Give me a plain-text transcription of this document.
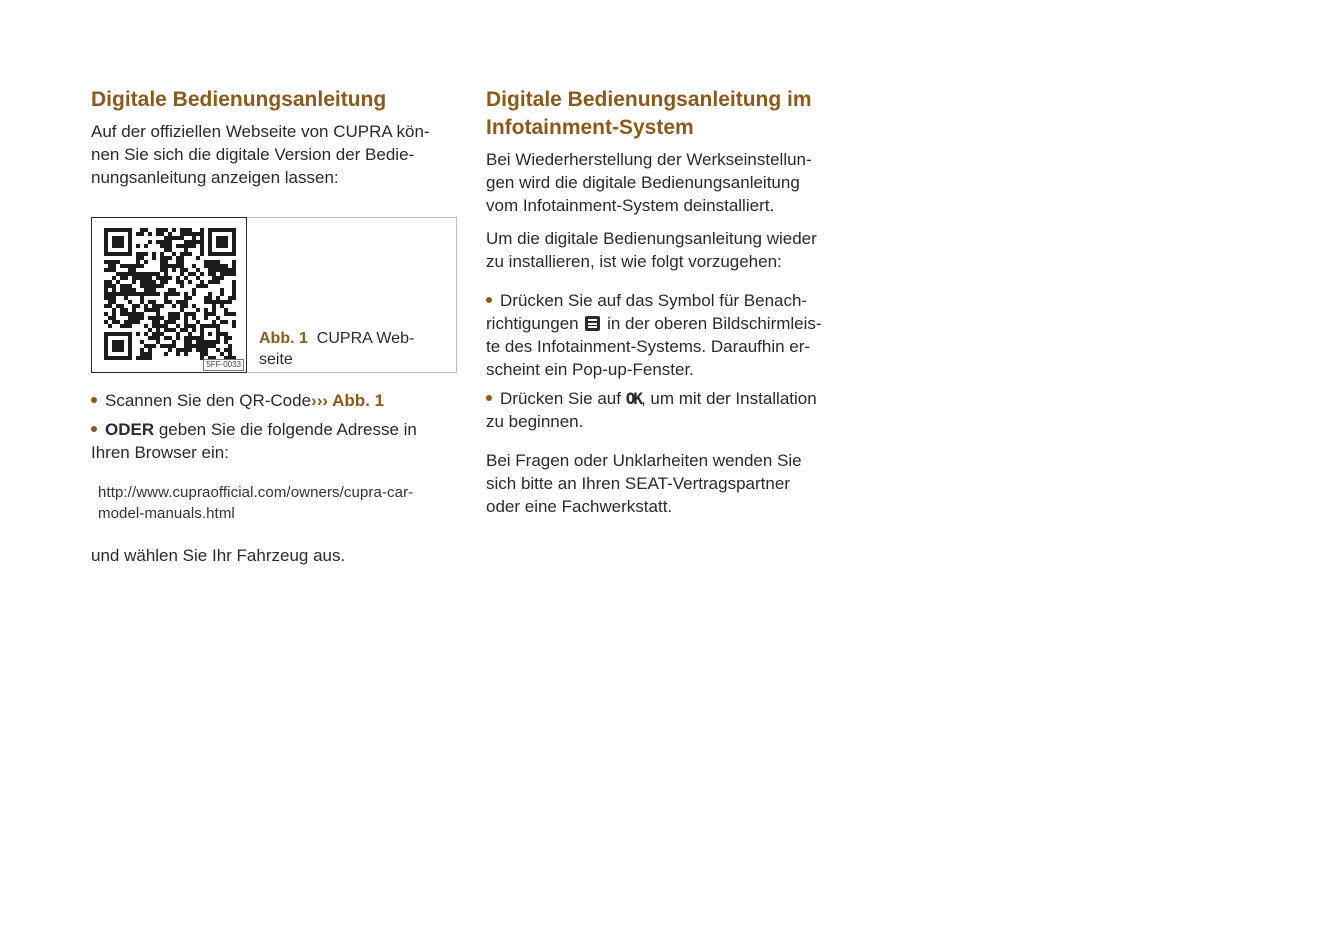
Digitale Bedienungsanleitung

Auf der offiziellen Webseite von CUPRA kön-
nen Sie sich die digitale Version der Bedie-
nungsanleitung anzeigen lassen:

5FF-0033
Abb. 1 CUPRA Web-
seite
Scannen Sie den QR-Code››› Abb. 1
ODER geben Sie die folgende Adresse in
Ihren Browser ein:
http://www.cupraofficial.com/owners/cupra-car-
model-manuals.html

und wählen Sie Ihr Fahrzeug aus.

Digitale Bedienungsanleitung im
Infotainment-System

Bei Wiederherstellung der Werkseinstellun-
gen wird die digitale Bedienungsanleitung
vom Infotainment-System deinstalliert.

Um die digitale Bedienungsanleitung wieder
zu installieren, ist wie folgt vorzugehen:

Drücken Sie auf das Symbol für Benach-
richtigungen
in der oberen Bildschirmleis-
te des Infotainment-Systems. Daraufhin er-
scheint ein Pop-up-Fenster.
Drücken Sie auf OK, um mit der Installation
zu beginnen.

Bei Fragen oder Unklarheiten wenden Sie
sich bitte an Ihren SEAT-Vertragspartner
oder eine Fachwerkstatt.
